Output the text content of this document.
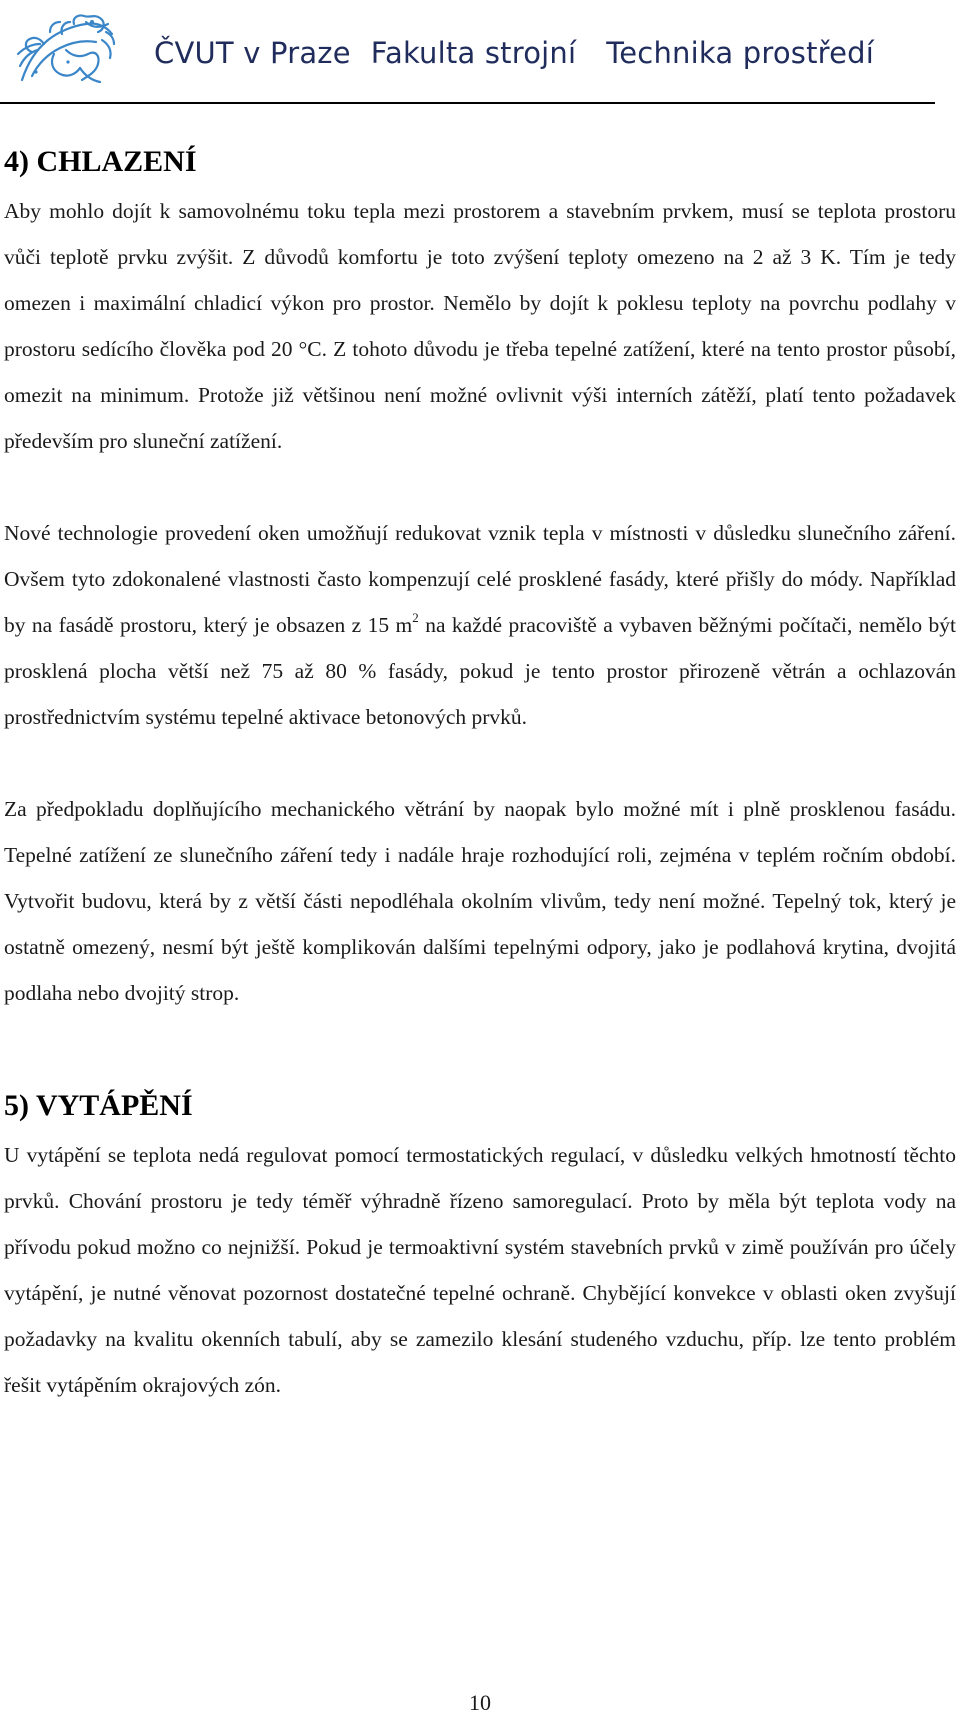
ČVUT v Praze Fakulta strojní Technika prostředí
4) CHLAZENÍ

Aby mohlo dojít k samovolnému toku tepla mezi prostorem a stavebním prvkem, musí se teplota prostoru vůči teplotě prvku zvýšit. Z důvodů komfortu je toto zvýšení teploty omezeno na 2 až 3 K. Tím je tedy omezen i maximální chladicí výkon pro prostor. Nemělo by dojít k poklesu teploty na povrchu podlahy v prostoru sedícího člověka pod 20 °C. Z tohoto důvodu je třeba tepelné zatížení, které na tento prostor působí, omezit na minimum. Protože již většinou není možné ovlivnit výši interních zátěží, platí tento požadavek především pro sluneční zatížení.

Nové technologie provedení oken umožňují redukovat vznik tepla v místnosti v důsledku slunečního záření. Ovšem tyto zdokonalené vlastnosti často kompenzují celé prosklené fasády, které přišly do módy. Například by na fasádě prostoru, který je obsazen z 15 $m^2$ na každé pracoviště a vybaven běžnými počítači, nemělo být prosklená plocha větší než 75 až 80 % fasády, pokud je tento prostor přirozeně větrán a ochlazován prostřednictvím systému tepelné aktivace betonových prvků.

Za předpokladu doplňujícího mechanického větrání by naopak bylo možné mít i plně prosklenou fasádu. Tepelné zatížení ze slunečního záření tedy i nadále hraje rozhodující roli, zejména v teplém ročním období. Vytvořit budovu, která by z větší části nepodléhala okolním vlivům, tedy není možné. Tepelný tok, který je ostatně omezený, nesmí být ještě komplikován dalšími tepelnými odpory, jako je podlahová krytina, dvojitá podlaha nebo dvojitý strop.

5) VYTÁPĚNÍ

U vytápění se teplota nedá regulovat pomocí termostatických regulací, v důsledku velkých hmotností těchto prvků. Chování prostoru je tedy téměř výhradně řízeno samoregulací. Proto by měla být teplota vody na přívodu pokud možno co nejnižší. Pokud je termoaktivní systém stavebních prvků v zimě používán pro účely vytápění, je nutné věnovat pozornost dostatečné tepelné ochraně. Chybějící konvekce v oblasti oken zvyšují požadavky na kvalitu okenních tabulí, aby se zamezilo klesání studeného vzduchu, příp. lze tento problém řešit vytápěním okrajových zón.

10
